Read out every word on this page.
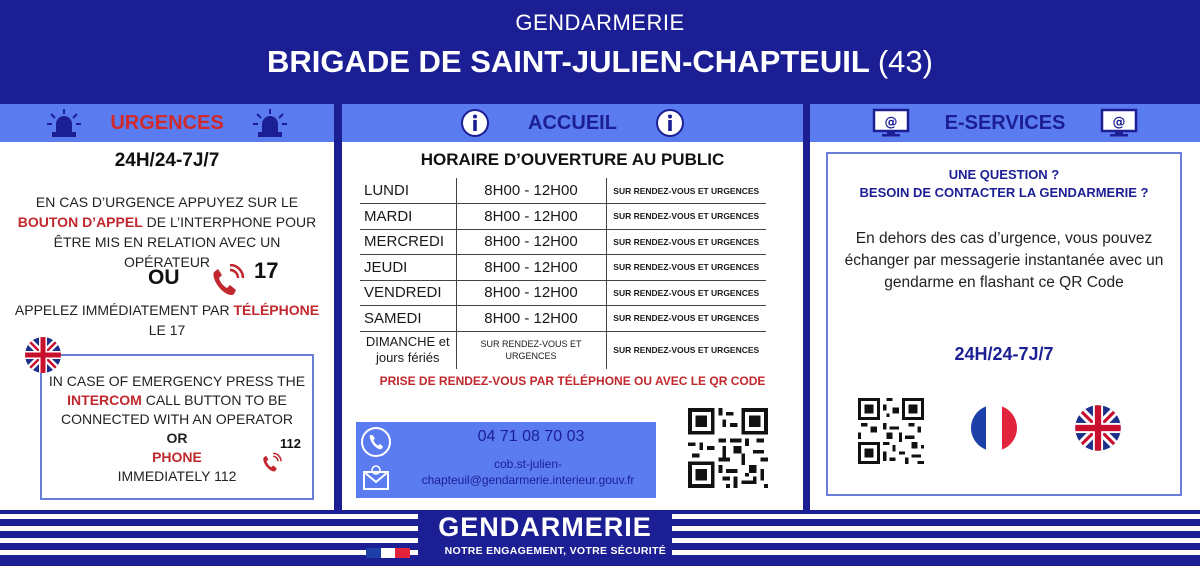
GENDARMERIE
BRIGADE DE SAINT-JULIEN-CHAPTEUIL (43)
URGENCES
24H/24-7J/7
EN CAS D’URGENCE APPUYEZ SUR LE BOUTON D’APPEL DE L’INTERPHONE POUR ÊTRE MIS EN RELATION AVEC UN OPÉRATEUR
OU	17
APPELEZ IMMÉDIATEMENT PAR TÉLÉPHONE
LE 17
IN CASE OF EMERGENCY PRESS THE
INTERCOM CALL BUTTON TO BE CONNECTED WITH AN OPERATOR
OR
PHONE
IMMEDIATELY 112
112
ACCUEIL
HORAIRE D’OUVERTURE AU PUBLIC
LUNDI	8H00 - 12H00	SUR RENDEZ-VOUS ET URGENCES
MARDI	8H00 - 12H00	SUR RENDEZ-VOUS ET URGENCES
MERCREDI	8H00 - 12H00	SUR RENDEZ-VOUS ET URGENCES
JEUDI	8H00 - 12H00	SUR RENDEZ-VOUS ET URGENCES
VENDREDI	8H00 - 12H00	SUR RENDEZ-VOUS ET URGENCES
SAMEDI	8H00 - 12H00	SUR RENDEZ-VOUS ET URGENCES
DIMANCHE et jours fériés	SUR RENDEZ-VOUS ET URGENCES	SUR RENDEZ-VOUS ET URGENCES
PRISE DE RENDEZ-VOUS PAR TÉLÉPHONE OU AVEC LE QR CODE
04 71 08 70 03
cob.st-julien-chapteuil@gendarmerie.interieur.gouv.fr
@ E-SERVICES	@
UNE QUESTION ?
BESOIN DE CONTACTER LA GENDARMERIE ?
En dehors des cas d’urgence, vous pouvez échanger par messagerie instantanée avec un gendarme en flashant ce QR Code
24H/24-7J/7
GENDARMERIE
NOTRE ENGAGEMENT, VOTRE SÉCURITÉ
